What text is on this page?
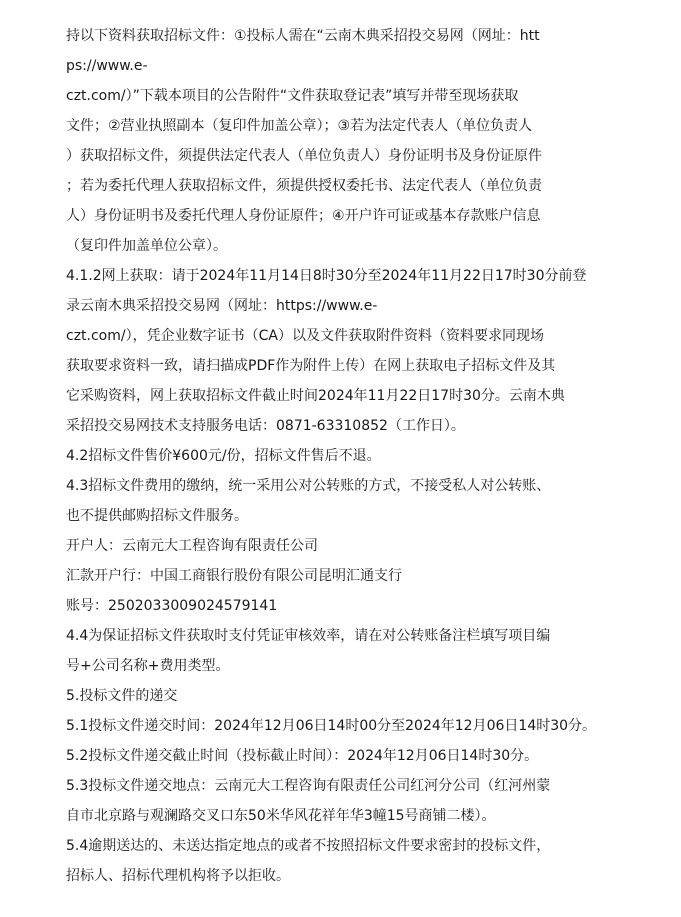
持以下资料获取招标文件：①投标人需在“云南木典采招投交易网（网址：htt
ps://www.e-
czt.com/）”下载本项目的公告附件“文件获取登记表”填写并带至现场获取
文件；②营业执照副本（复印件加盖公章）；③若为法定代表人（单位负责人
）获取招标文件，须提供法定代表人（单位负责人）身份证明书及身份证原件
；若为委托代理人获取招标文件，须提供授权委托书、法定代表人（单位负责
人）身份证明书及委托代理人身份证原件；④开户许可证或基本存款账户信息
（复印件加盖单位公章）。
4.1.2网上获取：请于2024年11月14日8时30分至2024年11月22日17时30分前登
录云南木典采招投交易网（网址：https://www.e-
czt.com/），凭企业数字证书（CA）以及文件获取附件资料（资料要求同现场
获取要求资料一致，请扫描成PDF作为附件上传）在网上获取电子招标文件及其
它采购资料，网上获取招标文件截止时间2024年11月22日17时30分。云南木典
采招投交易网技术支持服务电话：0871-63310852（工作日）。
4.2招标文件售价¥600元/份，招标文件售后不退。
4.3招标文件费用的缴纳，统一采用公对公转账的方式，不接受私人对公转账、
也不提供邮购招标文件服务。
开户人：云南元大工程咨询有限责任公司
汇款开户行：中国工商银行股份有限公司昆明汇通支行
账号：2502033009024579141
4.4为保证招标文件获取时支付凭证审核效率，请在对公转账备注栏填写项目编
号+公司名称+费用类型。
5.投标文件的递交
5.1投标文件递交时间：2024年12月06日14时00分至2024年12月06日14时30分。
5.2投标文件递交截止时间（投标截止时间）：2024年12月06日14时30分。
5.3投标文件递交地点：云南元大工程咨询有限责任公司红河分公司（红河州蒙
自市北京路与观澜路交叉口东50米华风花祥年华3幢15号商铺二楼）。
5.4逾期送达的、未送达指定地点的或者不按照招标文件要求密封的投标文件，
招标人、招标代理机构将予以拒收。
